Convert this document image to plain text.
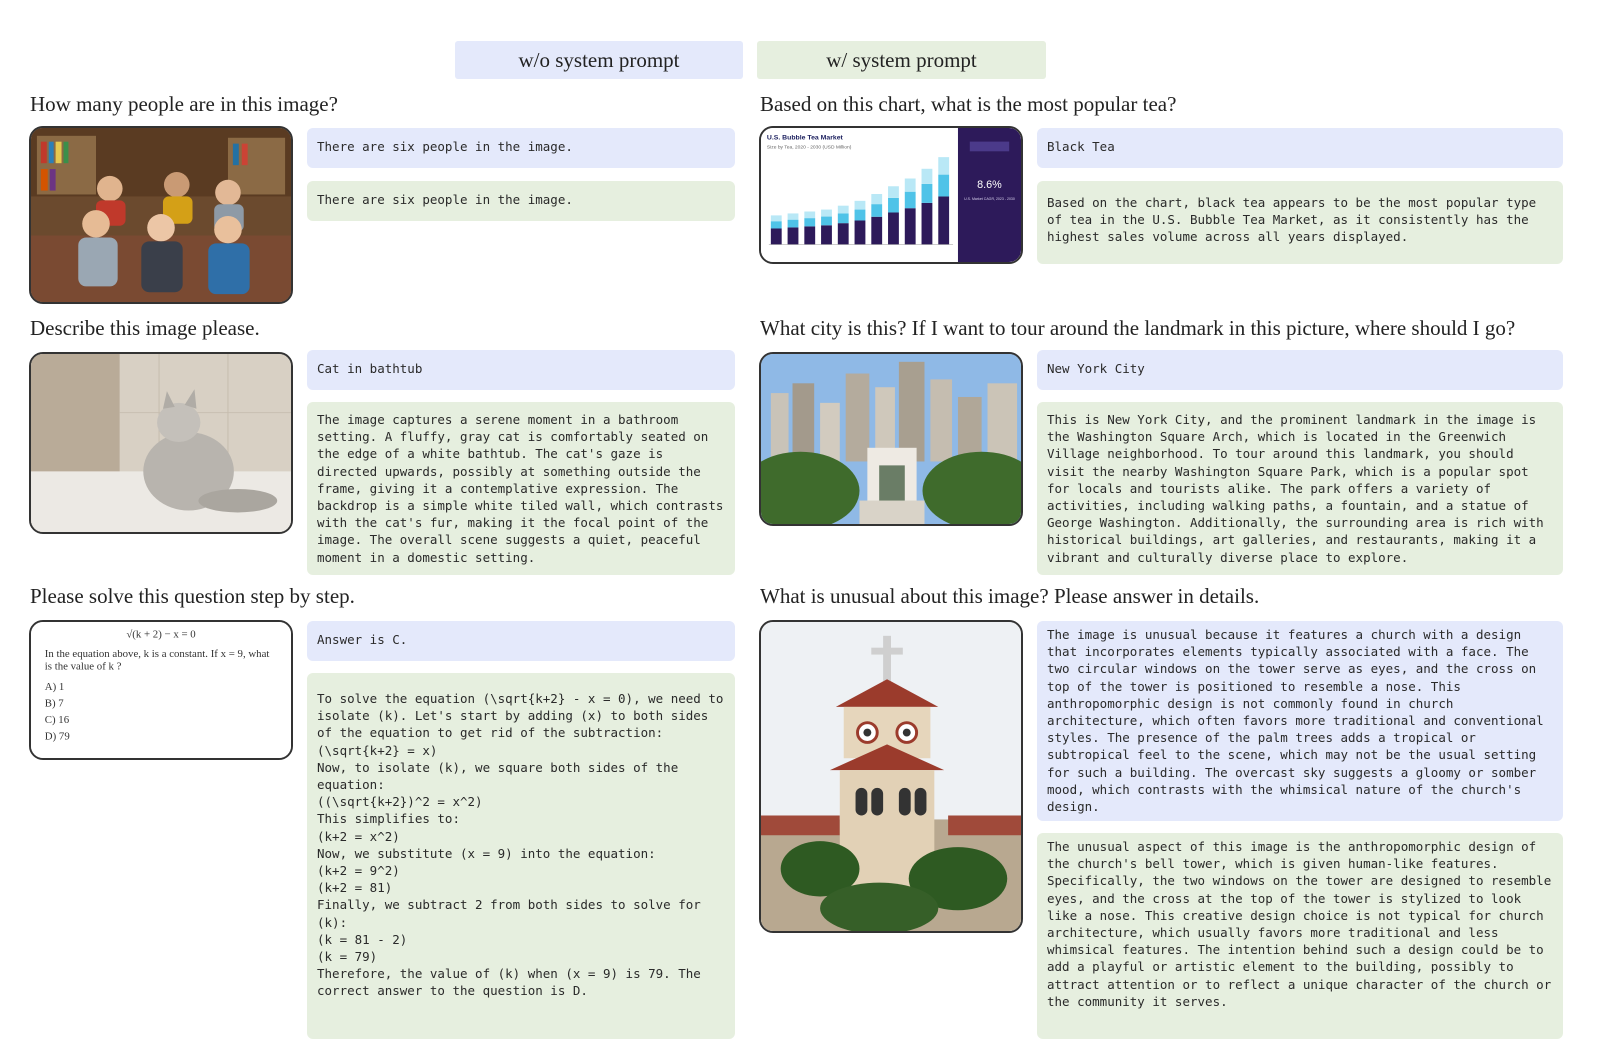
w/o system prompt	w/ system prompt
How many people are in this image?
There are six people in the image.
There are six people in the image.
Based on this chart, what is the most popular tea?
U.S. Bubble Tea Market
Size by Tea, 2020 - 2030 (USD Million)
8.6%
U.S. Market CAGR, 2023 - 2030
Black Tea
Based on the chart, black tea appears to be the most popular type of tea in the U.S. Bubble Tea Market, as it consistently has the highest sales volume across all years displayed.
Describe this image please.
Cat in bathtub
The image captures a serene moment in a bathroom setting. A fluffy, gray cat is comfortably seated on the edge of a white bathtub. The cat's gaze is directed upwards, possibly at something outside the frame, giving it a contemplative expression. The backdrop is a simple white tiled wall, which contrasts with the cat's fur, making it the focal point of the image. The overall scene suggests a quiet, peaceful moment in a domestic setting.
What city is this? If I want to tour around the landmark in this picture, where should I go?
New York City
This is New York City, and the prominent landmark in the image is the Washington Square Arch, which is located in the Greenwich Village neighborhood. To tour around this landmark, you should visit the nearby Washington Square Park, which is a popular spot for locals and tourists alike. The park offers a variety of activities, including walking paths, a fountain, and a statue of George Washington. Additionally, the surrounding area is rich with historical buildings, art galleries, and restaurants, making it a vibrant and culturally diverse place to explore.
Please solve this question step by step.
√(k + 2) − x = 0
In the equation above, k is a constant. If x = 9, what
is the value of k ?
A) 1
B) 7
C) 16
D) 79
Answer is C.
To solve the equation (\sqrt{k+2} - x = 0), we need to isolate (k). Let's start by adding (x) to both sides of the equation to get rid of the subtraction:
(\sqrt{k+2} = x)
Now, to isolate (k), we square both sides of the equation:
((\sqrt{k+2})^2 = x^2)
This simplifies to:
(k+2 = x^2)
Now, we substitute (x = 9) into the equation:
(k+2 = 9^2)
(k+2 = 81)
Finally, we subtract 2 from both sides to solve for (k):
(k = 81 - 2)
(k = 79)
Therefore, the value of (k) when (x = 9) is 79. The correct answer to the question is D.
What is unusual about this image? Please answer in details.
The image is unusual because it features a church with a design that incorporates elements typically associated with a face. The two circular windows on the tower serve as eyes, and the cross on top of the tower is positioned to resemble a nose. This anthropomorphic design is not commonly found in church architecture, which often favors more traditional and conventional styles. The presence of the palm trees adds a tropical or subtropical feel to the scene, which may not be the usual setting for such a building. The overcast sky suggests a gloomy or somber mood, which contrasts with the whimsical nature of the church's design.
The unusual aspect of this image is the anthropomorphic design of the church's bell tower, which is given human-like features. Specifically, the two windows on the tower are designed to resemble eyes, and the cross at the top of the tower is stylized to look like a nose. This creative design choice is not typical for church architecture, which usually favors more traditional and less whimsical features. The intention behind such a design could be to add a playful or artistic element to the building, possibly to attract attention or to reflect a unique character of the church or the community it serves.
